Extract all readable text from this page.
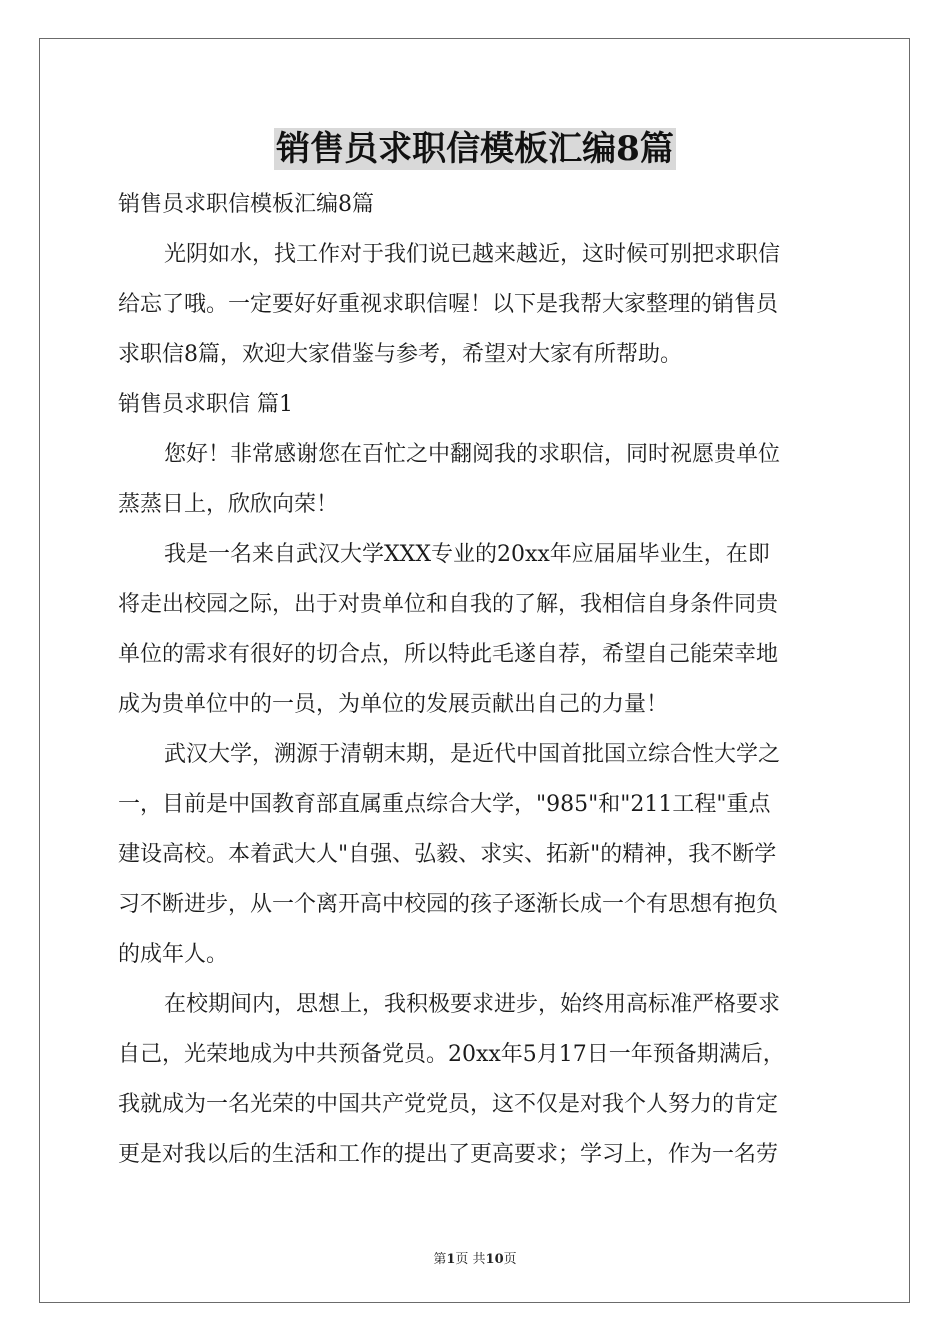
销售员求职信模板汇编8篇
销售员求职信模板汇编8篇
光阴如水，找工作对于我们说已越来越近，这时候可别把求职信
给忘了哦。一定要好好重视求职信喔！以下是我帮大家整理的销售员
求职信8篇，欢迎大家借鉴与参考，希望对大家有所帮助。
销售员求职信 篇1
您好！非常感谢您在百忙之中翻阅我的求职信，同时祝愿贵单位
蒸蒸日上，欣欣向荣！
我是一名来自武汉大学XXX专业的20xx年应届届毕业生，在即
将走出校园之际，出于对贵单位和自我的了解，我相信自身条件同贵
单位的需求有很好的切合点，所以特此毛遂自荐，希望自己能荣幸地
成为贵单位中的一员，为单位的发展贡献出自己的力量！
武汉大学，溯源于清朝末期，是近代中国首批国立综合性大学之
一，目前是中国教育部直属重点综合大学，"985"和"211工程"重点
建设高校。本着武大人"自强、弘毅、求实、拓新"的精神，我不断学
习不断进步，从一个离开高中校园的孩子逐渐长成一个有思想有抱负
的成年人。
在校期间内，思想上，我积极要求进步，始终用高标准严格要求
自己，光荣地成为中共预备党员。20xx年5月17日一年预备期满后，
我就成为一名光荣的中国共产党党员，这不仅是对我个人努力的肯定
更是对我以后的生活和工作的提出了更高要求；学习上，作为一名劳
第1页 共10页
